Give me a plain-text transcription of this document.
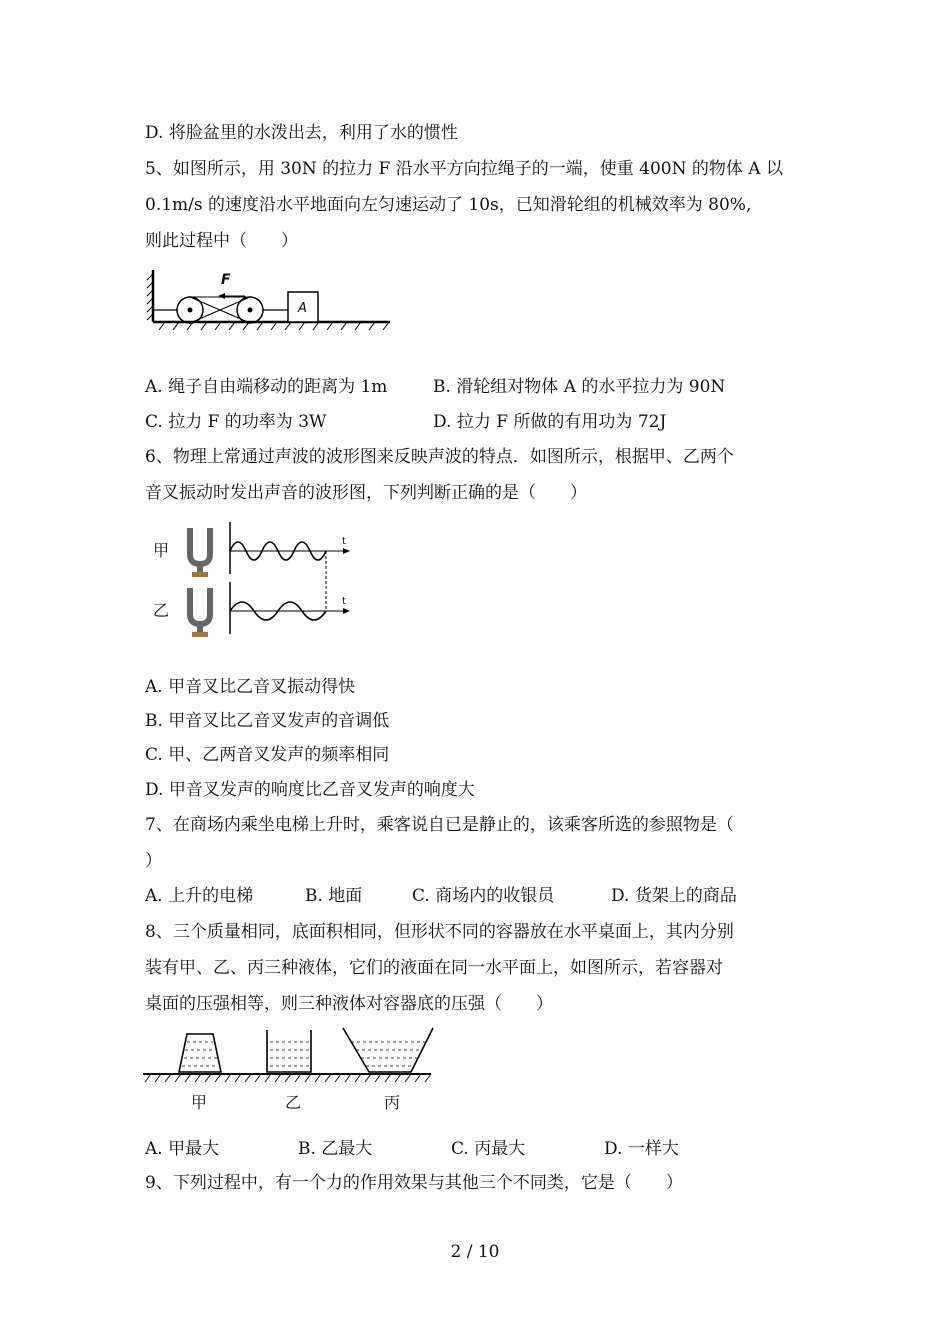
D. 将脸盆里的水泼出去，利用了水的惯性
5、如图所示，用 30N 的拉力 F 沿水平方向拉绳子的一端，使重 400N 的物体 A 以
0.1m/s 的速度沿水平地面向左匀速运动了 10s，已知滑轮组的机械效率为 80%,
则此过程中（　　）
F
A
A. 绳子自由端移动的距离为 1m	B. 滑轮组对物体 A 的水平拉力为 90N
C. 拉力 F 的功率为 3W	D. 拉力 F 所做的有用功为 72J
6、物理上常通过声波的波形图来反映声波的特点．如图所示，根据甲、乙两个
音叉振动时发出声音的波形图，下列判断正确的是（　　）
甲
乙
t
t
A. 甲音叉比乙音叉振动得快
B. 甲音叉比乙音叉发声的音调低
C. 甲、乙两音叉发声的频率相同
D. 甲音叉发声的响度比乙音叉发声的响度大
7、在商场内乘坐电梯上升时，乘客说自已是静止的，该乘客所选的参照物是（
）
A. 上升的电梯	B. 地面	C. 商场内的收银员	D. 货架上的商品
8、三个质量相同，底面积相同，但形状不同的容器放在水平桌面上，其内分别
装有甲、乙、丙三种液体，它们的液面在同一水平面上，如图所示，若容器对
桌面的压强相等，则三种液体对容器底的压强（　　）
甲	乙	丙
A. 甲最大	B. 乙最大	C. 丙最大	D. 一样大
9、下列过程中，有一个力的作用效果与其他三个不同类，它是（　　）
2 / 10
